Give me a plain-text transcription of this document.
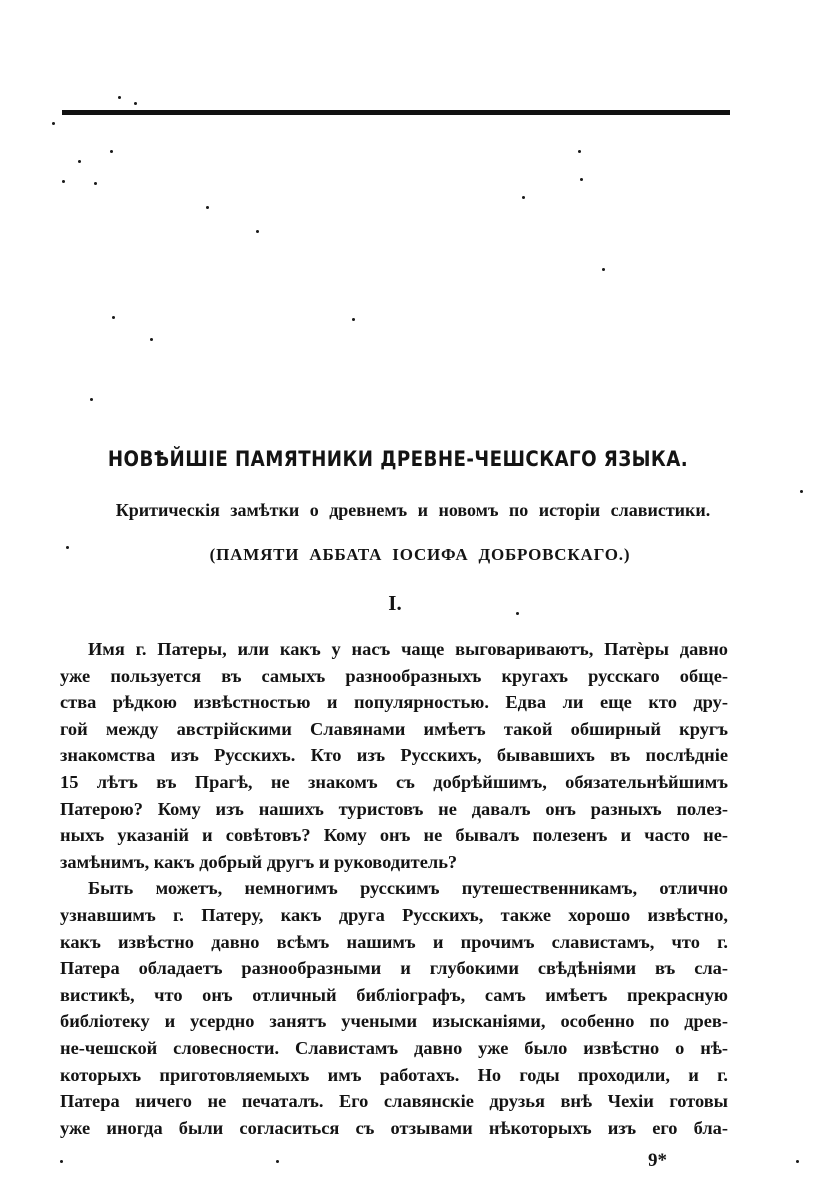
НОВѢЙШІЕ ПАМЯТНИКИ ДРЕВНЕ-ЧЕШСКАГО ЯЗЫКА.
Критическія замѣтки о древнемъ и новомъ по исторіи славистики.
(ПАМЯТИ АББАТА ІОСИФА ДОБРОВСКАГО.)
I.
Имя г. Патеры, или какъ у насъ чаще выговариваютъ, Патѐры давно
уже пользуется въ самыхъ разнообразныхъ кругахъ русскаго обще-
ства рѣдкою извѣстностью и популярностью. Едва ли еще кто дру-
гой между австрійскими Славянами имѣетъ такой обширный кругъ
знакомства изъ Русскихъ. Кто изъ Русскихъ, бывавшихъ въ послѣдніе
15 лѣтъ въ Прагѣ, не знакомъ съ добрѣйшимъ, обязательнѣйшимъ
Патерою? Кому изъ нашихъ туристовъ не давалъ онъ разныхъ полез-
ныхъ указаній и совѣтовъ? Кому онъ не бывалъ полезенъ и часто не-
замѣнимъ, какъ добрый другъ и руководитель?
Быть можетъ, немногимъ русскимъ путешественникамъ, отлично
узнавшимъ г. Патеру, какъ друга Русскихъ, также хорошо извѣстно,
какъ извѣстно давно всѣмъ нашимъ и прочимъ славистамъ, что г.
Патера обладаетъ разнообразными и глубокими свѣдѣніями въ сла-
вистикѣ, что онъ отличный библіографъ, самъ имѣетъ прекрасную
библіотеку и усердно занятъ учеными изысканіями, особенно по древ-
не-чешской словесности. Славистамъ давно уже было извѣстно о нѣ-
которыхъ приготовляемыхъ имъ работахъ. Но годы проходили, и г.
Патера ничего не печаталъ. Его славянскіе друзья внѣ Чехіи готовы
уже иногда были согласиться съ отзывами нѣкоторыхъ изъ его бла-
9*
